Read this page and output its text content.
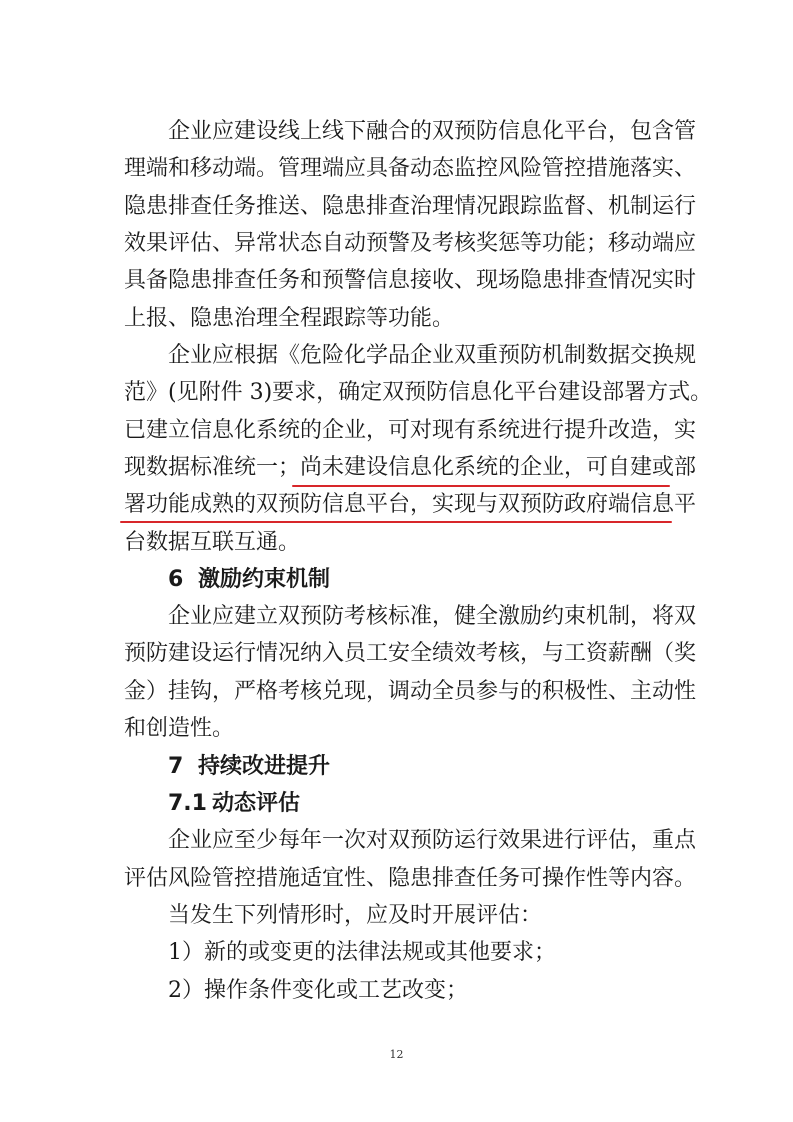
企业应建设线上线下融合的双预防信息化平台，包含管
理端和移动端。管理端应具备动态监控风险管控措施落实、
隐患排查任务推送、隐患排查治理情况跟踪监督、机制运行
效果评估、异常状态自动预警及考核奖惩等功能；移动端应
具备隐患排查任务和预警信息接收、现场隐患排查情况实时
上报、隐患治理全程跟踪等功能。
企业应根据《危险化学品企业双重预防机制数据交换规
范》(见附件 3)要求，确定双预防信息化平台建设部署方式。
已建立信息化系统的企业，可对现有系统进行提升改造，实
现数据标准统一；尚未建设信息化系统的企业，可自建或部
署功能成熟的双预防信息平台，实现与双预防政府端信息平
台数据互联互通。
6 激励约束机制
企业应建立双预防考核标准，健全激励约束机制，将双
预防建设运行情况纳入员工安全绩效考核，与工资薪酬（奖
金）挂钩，严格考核兑现，调动全员参与的积极性、主动性
和创造性。
7 持续改进提升
7.1 动态评估
企业应至少每年一次对双预防运行效果进行评估，重点
评估风险管控措施适宜性、隐患排查任务可操作性等内容。
当发生下列情形时，应及时开展评估：
1）新的或变更的法律法规或其他要求；
2）操作条件变化或工艺改变；
12
